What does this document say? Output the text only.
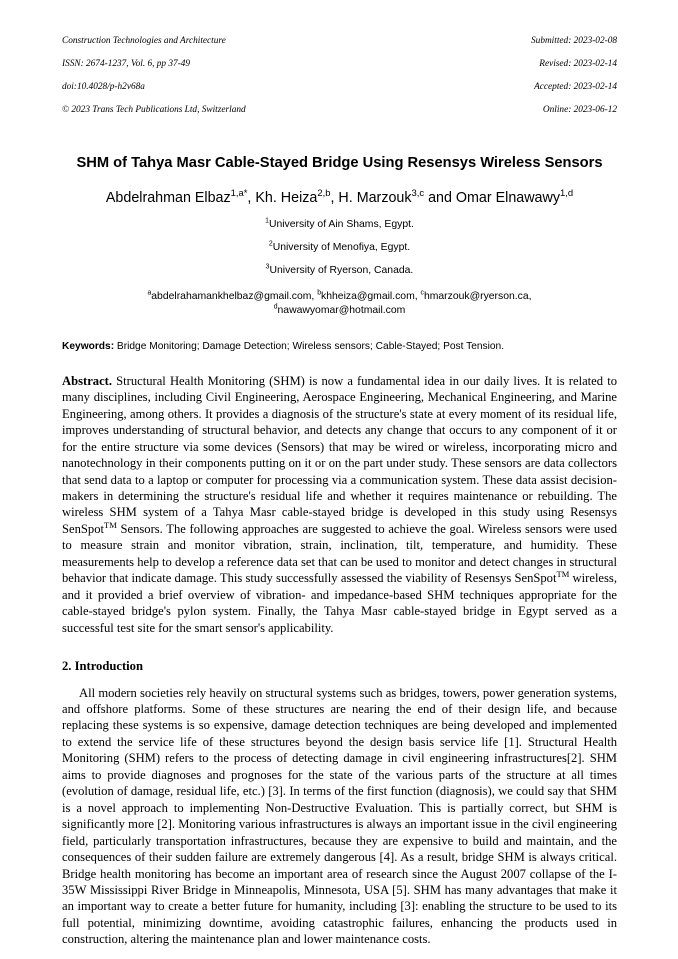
Construction Technologies and Architecture

ISSN: 2674-1237, Vol. 6, pp 37-49

doi:10.4028/p-h2v68a

© 2023 Trans Tech Publications Ltd, Switzerland

Submitted: 2023-02-08

Revised: 2023-02-14

Accepted: 2023-02-14

Online: 2023-06-12

SHM of Tahya Masr Cable-Stayed Bridge Using Resensys Wireless Sensors
Abdelrahman Elbaz$^{1,a*}$, Kh. Heiza$^{2,b}$, H. Marzouk$^{3,c}$ and Omar Elnawawy$^{1,d}$
$^1$University of Ain Shams, Egypt.
$^2$University of Menofiya, Egypt.
$^3$University of Ryerson, Canada.
$^a$abdelrahamankhelbaz@gmail.com, $^b$khheiza@gmail.com, $^c$hmarzouk@ryerson.ca, $^d$nawawyomar@hotmail.com
Keywords: Bridge Monitoring; Damage Detection; Wireless sensors; Cable-Stayed; Post Tension.
Abstract. Structural Health Monitoring (SHM) is now a fundamental idea in our daily lives. It is related to many disciplines, including Civil Engineering, Aerospace Engineering, Mechanical Engineering, and Marine Engineering, among others. It provides a diagnosis of the structure's state at every moment of its residual life, improves understanding of structural behavior, and detects any change that occurs to any component of it or for the entire structure via some devices (Sensors) that may be wired or wireless, incorporating micro and nanotechnology in their components putting on it or on the part under study. These sensors are data collectors that send data to a laptop or computer for processing via a communication system. These data assist decision-makers in determining the structure's residual life and whether it requires maintenance or rebuilding. The wireless SHM system of a Tahya Masr cable-stayed bridge is developed in this study using Resensys SenSpot™ Sensors. The following approaches are suggested to achieve the goal. Wireless sensors were used to measure strain and monitor vibration, strain, inclination, tilt, temperature, and humidity. These measurements help to develop a reference data set that can be used to monitor and detect changes in structural behavior that indicate damage. This study successfully assessed the viability of Resensys SenSpot™ wireless, and it provided a brief overview of vibration- and impedance-based SHM techniques appropriate for the cable-stayed bridge's pylon system. Finally, the Tahya Masr cable-stayed bridge in Egypt served as a successful test site for the smart sensor's applicability.
2. Introduction

All modern societies rely heavily on structural systems such as bridges, towers, power generation systems, and offshore platforms. Some of these structures are nearing the end of their design life, and because replacing these systems is so expensive, damage detection techniques are being developed and implemented to extend the service life of these structures beyond the design basis service life [1]. Structural Health Monitoring (SHM) refers to the process of detecting damage in civil engineering infrastructures[2]. SHM aims to provide diagnoses and prognoses for the state of the various parts of the structure at all times (evolution of damage, residual life, etc.) [3]. In terms of the first function (diagnosis), we could say that SHM is a novel approach to implementing Non-Destructive Evaluation. This is partially correct, but SHM is significantly more [2]. Monitoring various infrastructures is always an important issue in the civil engineering field, particularly transportation infrastructures, because they are expensive to build and maintain, and the consequences of their sudden failure are extremely dangerous [4]. As a result, bridge SHM is always critical. Bridge health monitoring has become an important area of research since the August 2007 collapse of the I-35W Mississippi River Bridge in Minneapolis, Minnesota, USA [5]. SHM has many advantages that make it an important way to create a better future for humanity, including [3]: enabling the structure to be used to its full potential, minimizing downtime, avoiding catastrophic failures, enhancing the products used in construction, altering the maintenance plan and lower maintenance costs.
